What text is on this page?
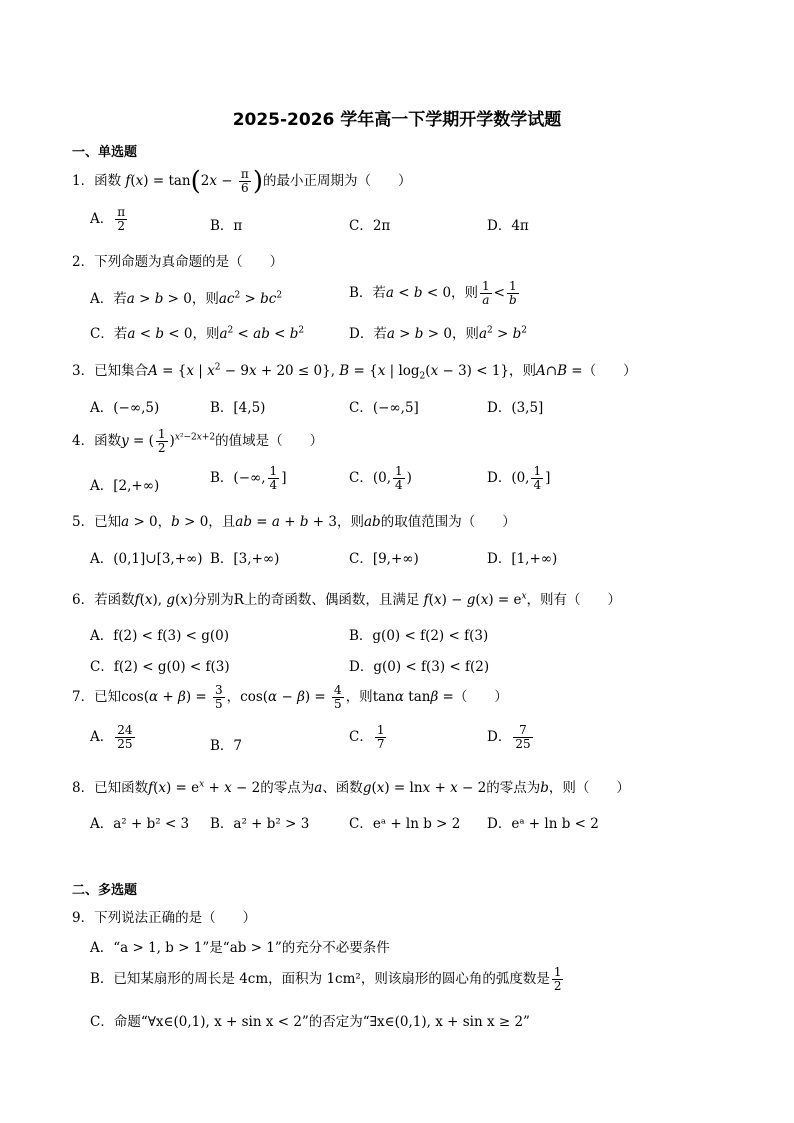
2025-2026 学年高一下学期开学数学试题
一、单选题
1．函数 $f(x) = \tan(2x - \frac{\pi}{6}$ )的最小正周期为（　　）
A． $\frac{\pi}{2}$	B．π	C．2π	D．4π
2．下列命题为真命题的是（　　）
A．若a > b > 0，则$ac^2 > bc^2$	B．若a < b < 0，则 $\frac{1}{a} < \frac{1}{b}$
C．若a < b < 0，则$a^2$ < ab < $b^2$	D．若a > b > 0，则$a^2 > b^2$
3．已知集合A = {x | $x^2 - 9x + 20 \le 0$}, B = {x | $\log_2(x - 3) < 1$}，则A∩B =（　　）
A．(−∞,5)	B．[4,5)	C．(−∞,5]	D．(3,5]
4．函数y = ( $\frac{1}{2} )^{x^2-2x+2}$的值域是（　　）
A．[2,+∞)	B．(−∞, $\frac{1}{4}$ ]	C．(0, $\frac{1}{4}$ )	D．(0, $\frac{1}{4}$ ]
5．已知a > 0，b > 0，且ab = a + b + 3，则ab的取值范围为（　　）
A．(0,1]∪[3,+∞) B．[3,+∞)	C．[9,+∞)	D．[1,+∞)
6．若函数f(x), g(x)分别为R上的奇函数、偶函数，且满足 $f(x) - g(x) = e^x$，则有（　　）
A．f(2) < f(3) < g(0)	B．g(0) < f(2) < f(3)
C．f(2) < g(0) < f(3)	D．g(0) < f(3) < f(2)
7．已知$\cos(\alpha + \beta) = \frac{3}{5}$ ，$\cos(\alpha - \beta) = \frac{4}{5}$ ，则tanα tanβ =（　　）
A． $\frac{24}{25}$	B．7
C． $\frac{1}{7}$	D． $\frac{7}{25}$
8．已知函数$f(x) = e^x + x - 2$的零点为a、函数g(x) = lnx + x − 2的零点为b，则（　　）
A．a² + b² < 3 B．a² + b² > 3	C．eᵃ + ln b > 2 D．eᵃ + ln b < 2
二、多选题
9．下列说法正确的是（　　）
A．“a > 1, b > 1”是“ab > 1”的充分不必要条件
B．已知某扇形的周长是 4cm，面积为 1cm²，则该扇形的圆心角的弧度数是 $\frac{1}{2}$
C．命题“∀x∈(0,1), x + sin x < 2”的否定为“∃x∈(0,1), x + sin x ≥ 2”
